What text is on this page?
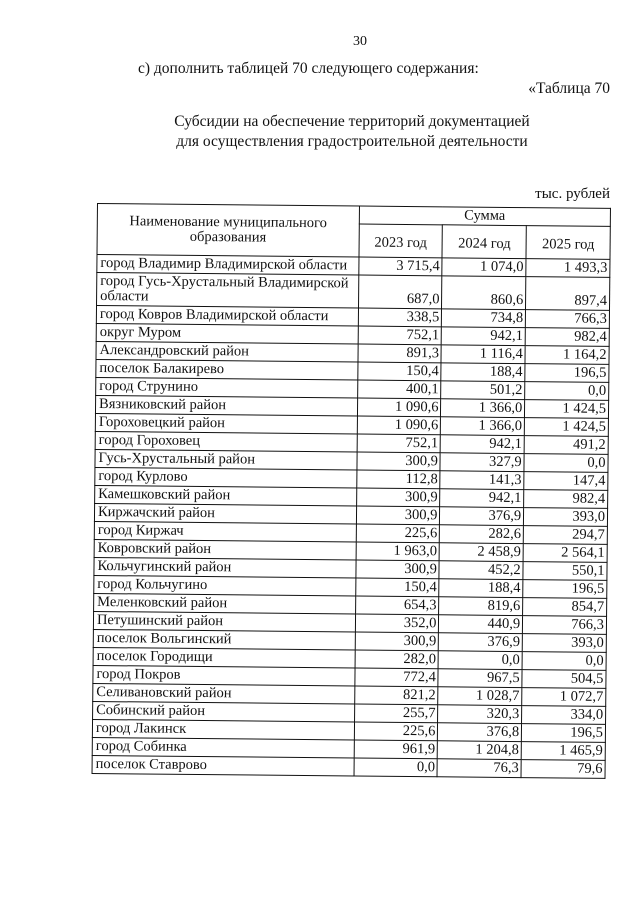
30
с) дополнить таблицей 70 следующего содержания:
«Таблица 70
Субсидии на обеспечение территорий документацией
для осуществления градостроительной деятельности
тыс. рублей
Наименование муниципального образования	Сумма		
	2023 год	2024 год	2025 год
город Владимир Владимирской области	3 715,4	1 074,0	1 493,3
город Гусь-Хрустальный Владимирской области	687,0	860,6	897,4
город Ковров Владимирской области	338,5	734,8	766,3
округ Муром	752,1	942,1	982,4
Александровский район	891,3	1 116,4	1 164,2
поселок Балакирево	150,4	188,4	196,5
город Струнино	400,1	501,2	0,0
Вязниковский район	1 090,6	1 366,0	1 424,5
Гороховецкий район	1 090,6	1 366,0	1 424,5
город Гороховец	752,1	942,1	491,2
Гусь-Хрустальный район	300,9	327,9	0,0
город Курлово	112,8	141,3	147,4
Камешковский район	300,9	942,1	982,4
Киржачский район	300,9	376,9	393,0
город Киржач	225,6	282,6	294,7
Ковровский район	1 963,0	2 458,9	2 564,1
Кольчугинский район	300,9	452,2	550,1
город Кольчугино	150,4	188,4	196,5
Меленковский район	654,3	819,6	854,7
Петушинский район	352,0	440,9	766,3
поселок Вольгинский	300,9	376,9	393,0
поселок Городищи	282,0	0,0	0,0
город Покров	772,4	967,5	504,5
Селивановский район	821,2	1 028,7	1 072,7
Собинский район	255,7	320,3	334,0
город Лакинск	225,6	376,8	196,5
город Собинка	961,9	1 204,8	1 465,9
поселок Ставрово	0,0	76,3	79,6
